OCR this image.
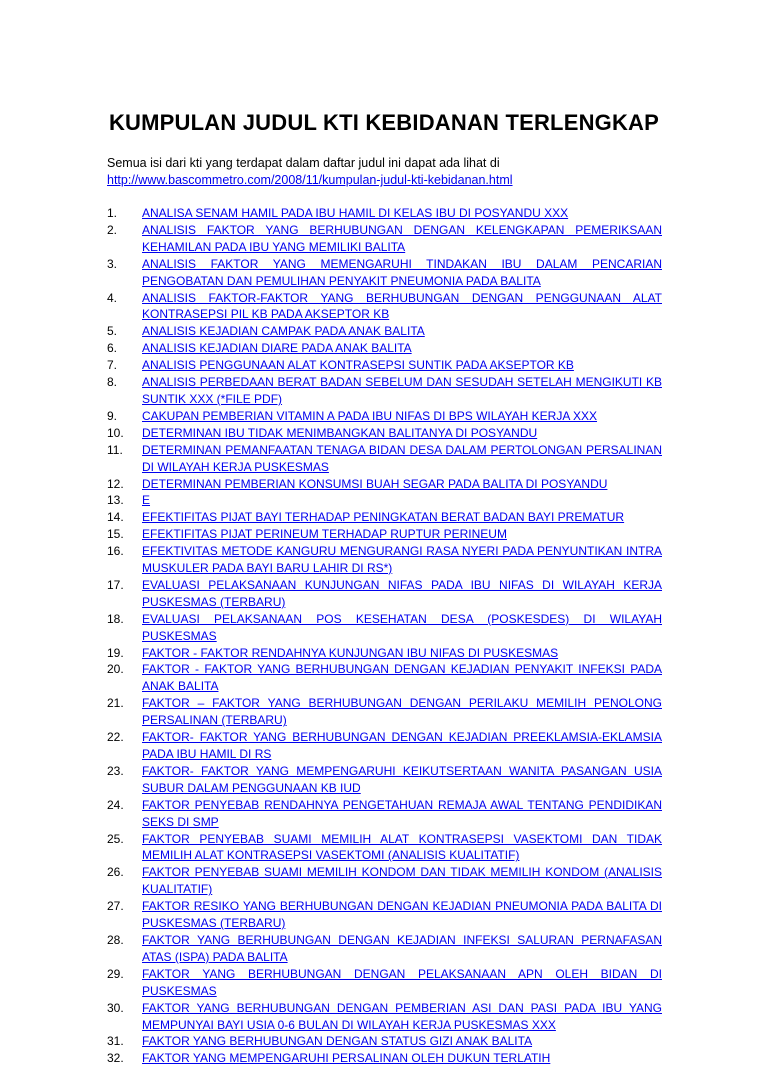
KUMPULAN JUDUL KTI KEBIDANAN TERLENGKAP
Semua isi dari kti yang terdapat dalam daftar judul ini dapat ada lihat di
http://www.bascommetro.com/2008/11/kumpulan-judul-kti-kebidanan.html
1.	ANALISA SENAM HAMIL PADA IBU HAMIL DI KELAS IBU DI POSYANDU XXX
2.	ANALISIS FAKTOR YANG BERHUBUNGAN DENGAN KELENGKAPAN PEMERIKSAAN KEHAMILAN PADA IBU YANG MEMILIKI BALITA
3.	ANALISIS FAKTOR YANG MEMENGARUHI TINDAKAN IBU DALAM PENCARIAN PENGOBATAN DAN PEMULIHAN PENYAKIT PNEUMONIA PADA BALITA
4.	ANALISIS FAKTOR-FAKTOR YANG BERHUBUNGAN DENGAN PENGGUNAAN ALAT KONTRASEPSI PIL KB PADA AKSEPTOR KB
5.	ANALISIS KEJADIAN CAMPAK PADA ANAK BALITA
6.	ANALISIS KEJADIAN DIARE PADA ANAK BALITA
7.	ANALISIS PENGGUNAAN ALAT KONTRASEPSI SUNTIK PADA AKSEPTOR KB
8.	ANALISIS PERBEDAAN BERAT BADAN SEBELUM DAN SESUDAH SETELAH MENGIKUTI KB SUNTIK XXX (*FILE PDF)
9.	CAKUPAN PEMBERIAN VITAMIN A PADA IBU NIFAS DI BPS WILAYAH KERJA XXX
10.	DETERMINAN IBU TIDAK MENIMBANGKAN BALITANYA DI POSYANDU
11.	DETERMINAN PEMANFAATAN TENAGA BIDAN DESA DALAM PERTOLONGAN PERSALINAN DI WILAYAH KERJA PUSKESMAS
12.	DETERMINAN PEMBERIAN KONSUMSI BUAH SEGAR PADA BALITA DI POSYANDU
13.	E
14.	EFEKTIFITAS PIJAT BAYI TERHADAP PENINGKATAN BERAT BADAN BAYI PREMATUR
15.	EFEKTIFITAS PIJAT PERINEUM TERHADAP RUPTUR PERINEUM
16.	EFEKTIVITAS METODE KANGURU MENGURANGI RASA NYERI PADA PENYUNTIKAN INTRA MUSKULER PADA BAYI BARU LAHIR DI RS*)
17.	EVALUASI PELAKSANAAN KUNJUNGAN NIFAS PADA IBU NIFAS DI WILAYAH KERJA PUSKESMAS (TERBARU)
18.	EVALUASI PELAKSANAAN POS KESEHATAN DESA (POSKESDES) DI WILAYAH PUSKESMAS
19.	FAKTOR - FAKTOR RENDAHNYA KUNJUNGAN IBU NIFAS DI PUSKESMAS
20.	FAKTOR - FAKTOR YANG BERHUBUNGAN DENGAN KEJADIAN PENYAKIT INFEKSI PADA ANAK BALITA
21.	FAKTOR – FAKTOR YANG BERHUBUNGAN DENGAN PERILAKU MEMILIH PENOLONG PERSALINAN (TERBARU)
22.	FAKTOR- FAKTOR YANG BERHUBUNGAN DENGAN KEJADIAN PREEKLAMSIA-EKLAMSIA PADA IBU HAMIL DI RS
23.	FAKTOR- FAKTOR YANG MEMPENGARUHI KEIKUTSERTAAN WANITA PASANGAN USIA SUBUR DALAM PENGGUNAAN KB IUD
24.	FAKTOR PENYEBAB RENDAHNYA PENGETAHUAN REMAJA AWAL TENTANG PENDIDIKAN SEKS DI SMP
25.	FAKTOR PENYEBAB SUAMI MEMILIH ALAT KONTRASEPSI VASEKTOMI DAN TIDAK MEMILIH ALAT KONTRASEPSI VASEKTOMI (ANALISIS KUALITATIF)
26.	FAKTOR PENYEBAB SUAMI MEMILIH KONDOM DAN TIDAK MEMILIH KONDOM (ANALISIS KUALITATIF)
27.	FAKTOR RESIKO YANG BERHUBUNGAN DENGAN KEJADIAN PNEUMONIA PADA BALITA DI PUSKESMAS (TERBARU)
28.	FAKTOR YANG BERHUBUNGAN DENGAN KEJADIAN INFEKSI SALURAN PERNAFASAN ATAS (ISPA) PADA BALITA
29.	FAKTOR YANG BERHUBUNGAN DENGAN PELAKSANAAN APN OLEH BIDAN DI PUSKESMAS
30.	FAKTOR YANG BERHUBUNGAN DENGAN PEMBERIAN ASI DAN PASI PADA IBU YANG MEMPUNYAI BAYI USIA 0-6 BULAN DI WILAYAH KERJA PUSKESMAS XXX
31.	FAKTOR YANG BERHUBUNGAN DENGAN STATUS GIZI ANAK BALITA
32.	FAKTOR YANG MEMPENGARUHI PERSALINAN OLEH DUKUN TERLATIH
